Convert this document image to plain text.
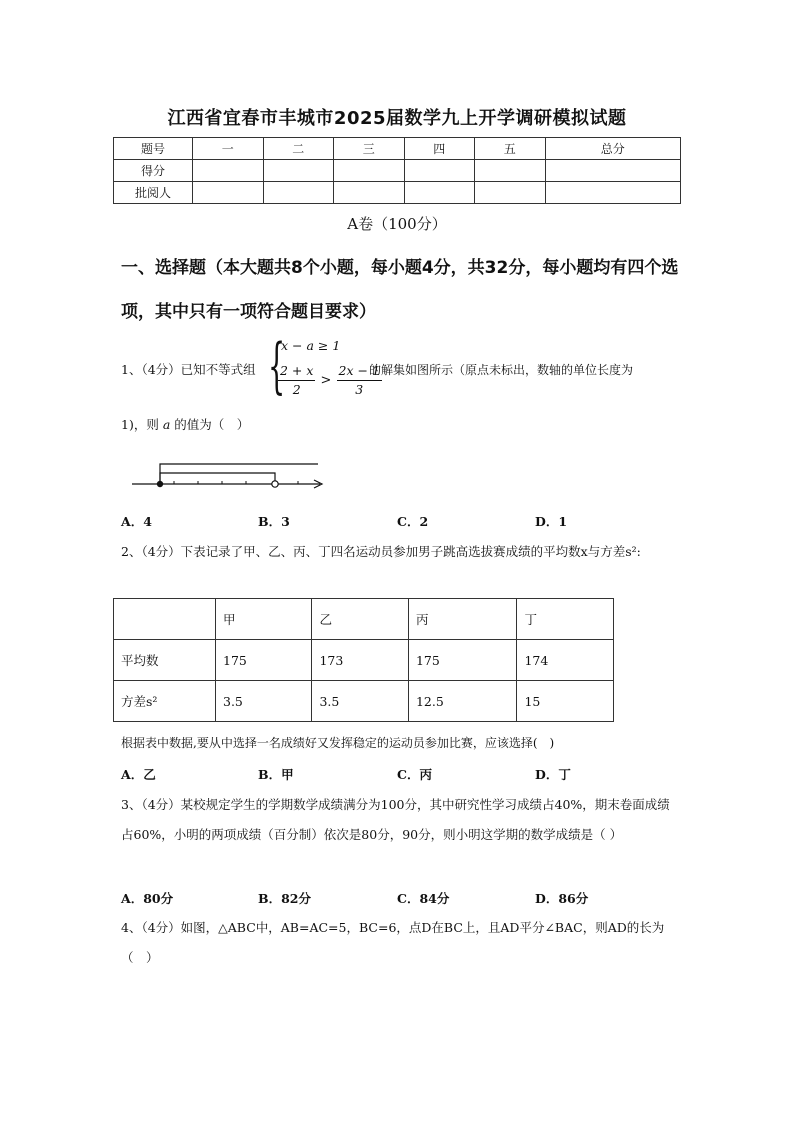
江西省宜春市丰城市2025届数学九上开学调研模拟试题
题号	一	二	三	四	五	总分
得分						
批阅人						
A卷（100分）
一、选择题（本大题共8个小题，每小题4分，共32分，每小题均有四个选项，其中只有一项符合题目要求）
1、（4分）已知不等式组 {
x − a ≥ 1
$\frac{2 + x}{2} > \frac{2x - 1}{3}$
的解集如图所示（原点未标出，数轴的单位长度为
1)，则 a 的值为（　）
A．4	B．3	C．2	D．1
2、（4分）下表记录了甲、乙、丙、丁四名运动员参加男子跳高选拔赛成绩的平均数x与方差s²:
	甲	乙	丙	丁
平均数	175	173	175	174
方差s²	3.5	3.5	12.5	15
根据表中数据,要从中选择一名成绩好又发挥稳定的运动员参加比赛，应该选择(　)
A．乙	B．甲	C．丙	D．丁
3、（4分）某校规定学生的学期数学成绩满分为100分，其中研究性学习成绩占40%，期末卷面成绩占60%，小明的两项成绩（百分制）依次是80分，90分，则小明这学期的数学成绩是（ ）
A．80分	B．82分	C．84分	D．86分
4、（4分）如图，△ABC中，AB=AC=5，BC=6，点D在BC上，且AD平分∠BAC，则AD的长为（　）
